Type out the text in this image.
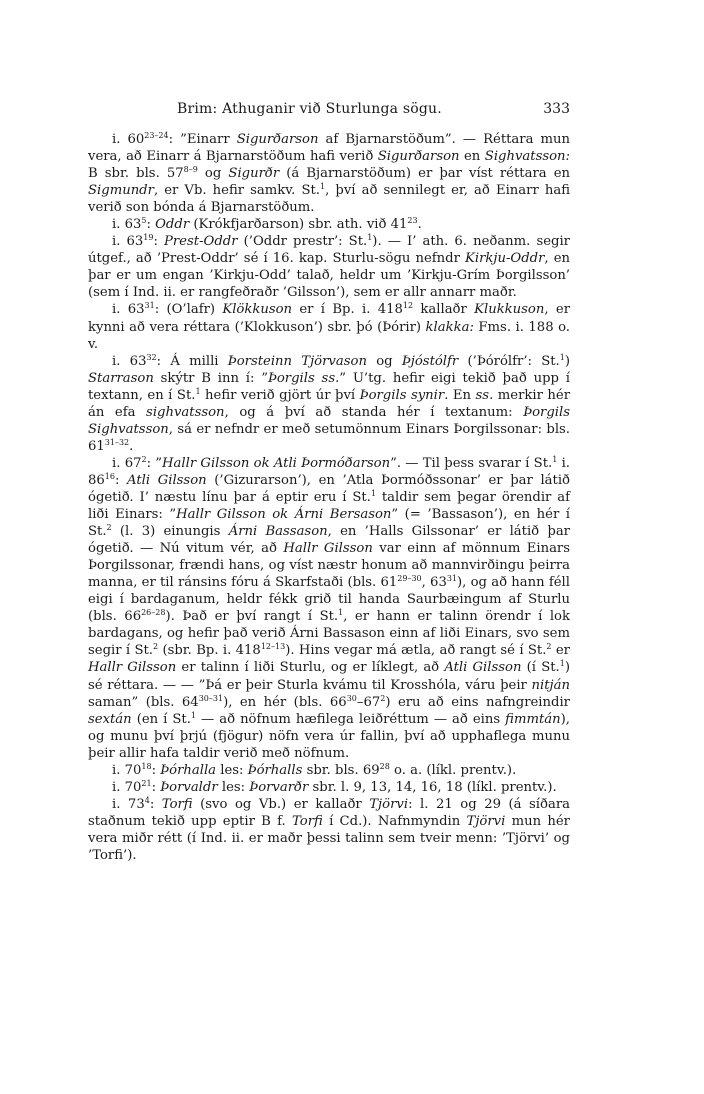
Brim: Athuganir við Sturlunga sögu.	333

i. 60$^{23-24}$: ”Einarr Sigurðarson af Bjarnarstöðum”. — Réttara mun vera, að Einarr á Bjarnarstöðum hafi verið Sigurðarson en Sighvatsson: B sbr. bls. 57$^{8-9}$ og Sigurðr (á Bjarnarstöðum) er þar víst réttara en Sigmundr, er Vb. hefir samkv. St.$^1$, því að sennilegt er, að Einarr hafi verið son bónda á Bjarnarstöðum.

i. $63^5$: Oddr (Krókfjarðarson) sbr. ath. við $41^{23}$.

i. $63^{19}$: Prest-Oddr (’Oddr prestr’: St.$^1$). — I’ ath. 6. neðanm. segir útgef., að ’Prest-Oddr’ sé í 16. kap. Sturlu-sögu nefndr Kirkju-Oddr, en þar er um engan ’Kirkju-Odd’ talað, heldr um ’Kirkju-Grím Þorgilsson’ (sem í Ind. ii. er rangfeðraðr ’Gilsson’), sem er allr annarr maðr.

i. $63^{31}$: (O’lafr) Klökkuson er í Bp. i. $418^{12}$ kallaðr Klukkuson, er kynni að vera réttara (’Klokkuson’) sbr. þó (Þórir) klakka: Fms. i. 188 o. v.

i. $63^{32}$: Á milli Þorsteinn Tjörvason og Þjóstólfr (’Þórólfr’: St.$^1$) Starrason skýtr B inn í: ”Þorgils ss.” U’tg. hefir eigi tekið það upp í textann, en í St.$^1$ hefir verið gjört úr því Þorgils synir. En ss. merkir hér án efa sighvatsson, og á því að standa hér í textanum: Þorgils Sighvatsson, sá er nefndr er með setumönnum Einars Þorgilssonar: bls. 61$^{31-32}$.

i. $67^2$: ”Hallr Gilsson ok Atli Þormóðarson”. — Til þess svarar í St.$^1$ i. $86^{16}$: Atli Gilsson (’Gizurarson’), en ’Atla Þormóðssonar’ er þar látið ógetið. I’ næstu línu þar á eptir eru í St.$^1$ taldir sem þegar örendir af liði Einars: ”Hallr Gilsson ok Árni Bersason” (= ’Bassason’), en hér í St.$^2$ (l. 3) einungis Árni Bassason, en ’Halls Gilssonar’ er látið þar ógetið. — Nú vitum vér, að Hallr Gilsson var einn af mönnum Einars Þorgilssonar, frændi hans, og víst næstr honum að mannvirðingu þeirra manna, er til ránsins fóru á Skarfstaði (bls. 61$^{29-30}$, $63^{31}$), og að hann féll eigi í bardaganum, heldr fékk grið til handa Saurbæingum af Sturlu (bls. 66$^{26-28}$). Það er því rangt í St.$^1$, er hann er talinn örendr í lok bardagans, og hefir það verið Árni Bassason einn af liði Einars, svo sem segir í St.$^2$ (sbr. Bp. i. 418$^{12-13}$). Hins vegar má ætla, að rangt sé í St.$^2$ er Hallr Gilsson er talinn í liði Sturlu, og er líklegt, að Atli Gilsson (í St.$^1$) sé réttara. — — ”Þá er þeir Sturla kvámu til Krosshóla, váru þeir nitján saman” (bls. 64$^{30-31}$), en hér (bls. $66^{30}-67^2$) eru að eins nafngreindir sextán (en í St.$^1$ — að nöfnum hæfilega leiðréttum — að eins fimmtán), og munu því þrjú (fjögur) nöfn vera úr fallin, því að upphaflega munu þeir allir hafa taldir verið með nöfnum.

i. $70^{18}$: Þórhalla les: Þórhalls sbr. bls. $69^{28}$ o. a. (líkl. prentv.).

i. $70^{21}$: Þorvaldr les: Þorvarðr sbr. l. 9, 13, 14, 16, 18 (líkl. prentv.).

i. $73^4$: Torfi (svo og Vb.) er kallaðr Tjörvi: l. 21 og 29 (á síðara staðnum tekið upp eptir B f. Torfi í Cd.). Nafnmyndin Tjörvi mun hér vera miðr rétt (í Ind. ii. er maðr þessi talinn sem tveir menn: ’Tjörvi’ og ’Torfi’).
